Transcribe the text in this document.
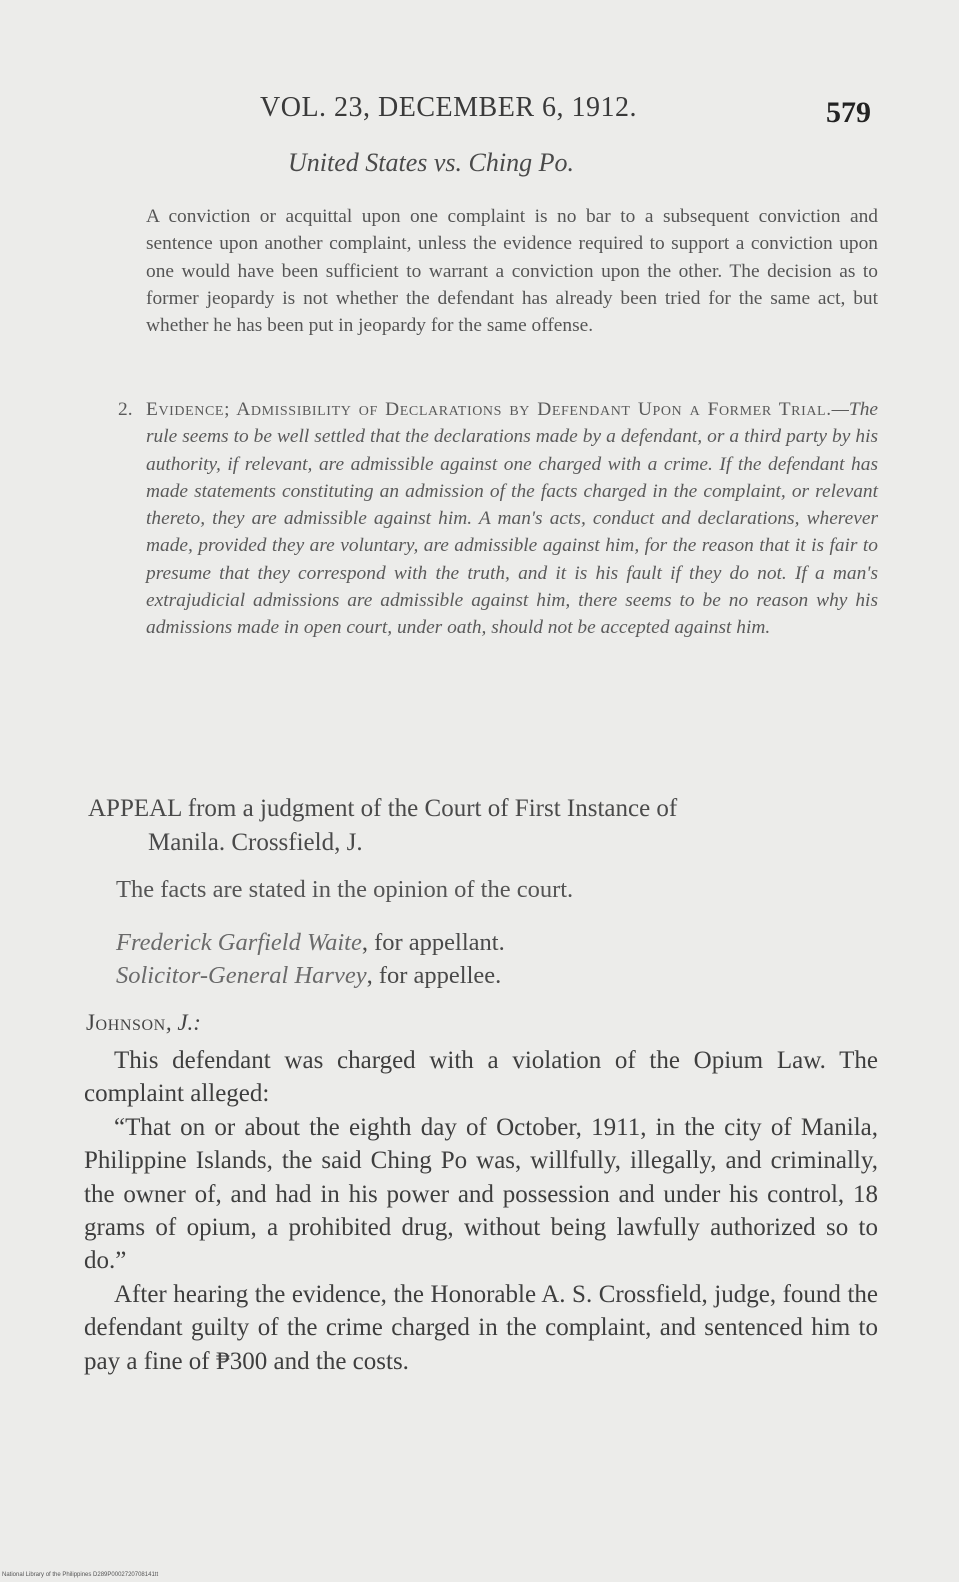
VOL. 23, DECEMBER 6, 1912.	579
United States vs. Ching Po.

A conviction or acquittal upon one complaint is no bar to a subsequent conviction and sentence upon another complaint, unless the evidence required to support a conviction upon one would have been sufficient to warrant a conviction upon the other. The decision as to former jeopardy is not whether the defendant has already been tried for the same act, but whether he has been put in jeopardy for the same offense.

2. Evidence; Admissibility of Declarations by Defendant Upon a Former Trial.—The rule seems to be well settled that the declarations made by a defendant, or a third party by his authority, if relevant, are admissible against one charged with a crime. If the defendant has made statements constituting an admission of the facts charged in the complaint, or relevant thereto, they are admissible against him. A man's acts, conduct and declarations, wherever made, provided they are voluntary, are admissible against him, for the reason that it is fair to presume that they correspond with the truth, and it is his fault if they do not. If a man's extrajudicial admissions are admissible against him, there seems to be no reason why his admissions made in open court, under oath, should not be accepted against him.
APPEAL from a judgment of the Court of First Instance of
Manila. Crossfield, J.
The facts are stated in the opinion of the court.
Frederick Garfield Waite, for appellant.
Solicitor-General Harvey, for appellee.
Johnson, J.:

This defendant was charged with a violation of the Opium Law. The complaint alleged:

“That on or about the eighth day of October, 1911, in the city of Manila, Philippine Islands, the said Ching Po was, willfully, illegally, and criminally, the owner of, and had in his power and possession and under his control, 18 grams of opium, a prohibited drug, without being lawfully authorized so to do.”

After hearing the evidence, the Honorable A. S. Crossfield, judge, found the defendant guilty of the crime charged in the complaint, and sentenced him to pay a fine of ₱300 and the costs.

National Library of the Philippines D289P0002720708141tt
